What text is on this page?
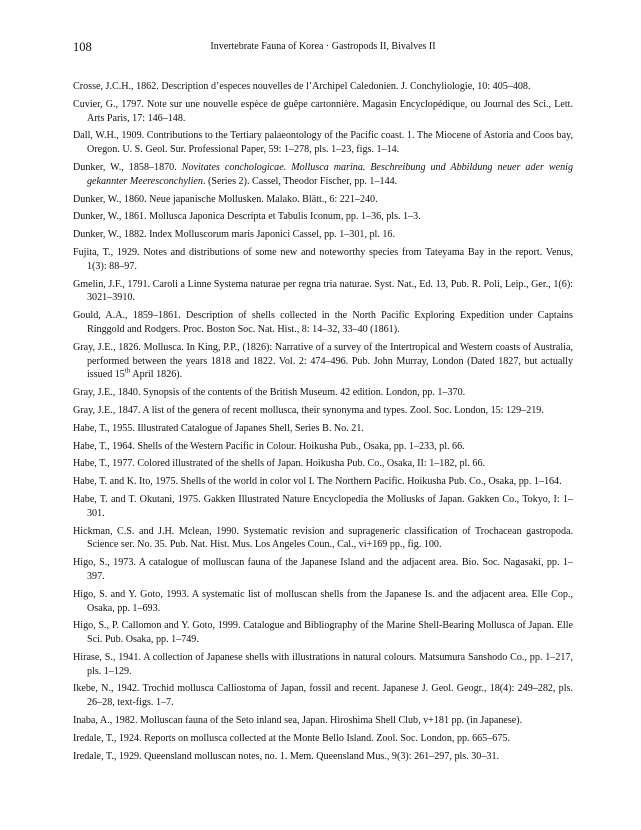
108	Invertebrate Fauna of Korea · Gastropods II, Bivalves II

Crosse, J.C.H., 1862. Description d’especes nouvelles de l’Archipel Caledonien. J. Conchyliologie, 10: 405–408.

Cuvier, G., 1797. Note sur une nouvelle espèce de guêpe cartonnière. Magasin Encyclopédique, ou Journal des Sci., Lett. Arts Paris, 17: 146–148.

Dall, W.H., 1909. Contributions to the Tertiary palaeontology of the Pacific coast. 1. The Miocene of Astoria and Coos bay, Oregon. U. S. Geol. Sur. Professional Paper, 59: 1–278, pls. 1–23, figs. 1–14.

Dunker, W., 1858–1870. Novitates conchologicae. Mollusca marina. Beschreibung und Abbildung neuer ader wenig gekannter Meeresconchylien. (Series 2). Cassel, Theodor Fischer, pp. 1–144.

Dunker, W., 1860. Neue japanische Mollusken. Malako. Blätt., 6: 221–240.

Dunker, W., 1861. Mollusca Japonica Descripta et Tabulis Iconum, pp. 1–36, pls. 1–3.

Dunker, W., 1882. Index Molluscorum maris Japonici Cassel, pp. 1–301, pl. 16.

Fujita, T., 1929. Notes and distributions of some new and noteworthy species from Tateyama Bay in the report. Venus, 1(3): 88–97.

Gmelin, J.F., 1791. Caroli a Linne Systema naturae per regna tria naturae. Syst. Nat., Ed. 13, Pub. R. Poli, Leip., Ger., 1(6): 3021–3910.

Gould, A.A., 1859–1861. Description of shells collected in the North Pacific Exploring Expedition under Captains Ringgold and Rodgers. Proc. Boston Soc. Nat. Hist., 8: 14–32, 33–40 (1861).

Gray, J.E., 1826. Mollusca. In King, P.P., (1826): Narrative of a survey of the Intertropical and Western coasts of Australia, performed between the years 1818 and 1822. Vol. 2: 474–496. Pub. John Murray, London (Dated 1827, but actually issued 15th April 1826).

Gray, J.E., 1840. Synopsis of the contents of the British Museum. 42 edition. London, pp. 1–370.

Gray, J.E., 1847. A list of the genera of recent mollusca, their synonyma and types. Zool. Soc. London, 15: 129–219.

Habe, T., 1955. Illustrated Catalogue of Japanes Shell, Series B. No. 21.

Habe, T., 1964. Shells of the Western Pacific in Colour. Hoikusha Pub., Osaka, pp. 1–233, pl. 66.

Habe, T., 1977. Colored illustrated of the shells of Japan. Hoikusha Pub. Co., Osaka, II: 1–182, pl. 66.

Habe, T. and K. Ito, 1975. Shells of the world in color vol I. The Northern Pacific. Hoikusha Pub. Co., Osaka, pp. 1–164.

Habe, T. and T. Okutani, 1975. Gakken Illustrated Nature Encyclopedia the Mollusks of Japan. Gakken Co., Tokyo, I: 1–301.

Hickman, C.S. and J.H. Mclean, 1990. Systematic revision and suprageneric classification of Trochacean gastropoda. Science ser. No. 35. Pub. Nat. Hist. Mus. Los Angeles Coun., Cal., vi+169 pp., fig. 100.

Higo, S., 1973. A catalogue of molluscan fauna of the Japanese Island and the adjacent area. Bio. Soc. Nagasaki, pp. 1–397.

Higo, S. and Y. Goto, 1993. A systematic list of molluscan shells from the Japanese Is. and the adjacent area. Elle Cop., Osaka, pp. 1–693.

Higo, S., P. Callomon and Y. Goto, 1999. Catalogue and Bibliography of the Marine Shell-Bearing Mollusca of Japan. Elle Sci. Pub. Osaka, pp. 1–749.

Hirase, S., 1941. A collection of Japanese shells with illustrations in natural colours. Matsumura Sanshodo Co., pp. 1–217, pls. 1–129.

Ikebe, N., 1942. Trochid mollusca Calliostoma of Japan, fossil and recent. Japanese J. Geol. Geogr., 18(4): 249–282, pls. 26–28, text-figs. 1–7.

Inaba, A., 1982. Molluscan fauna of the Seto inland sea, Japan. Hiroshima Shell Club, v+181 pp. (in Japanese).

Iredale, T., 1924. Reports on mollusca collected at the Monte Bello Island. Zool. Soc. London, pp. 665–675.

Iredale, T., 1929. Queensland molluscan notes, no. 1. Mem. Queensland Mus., 9(3): 261–297, pls. 30–31.
